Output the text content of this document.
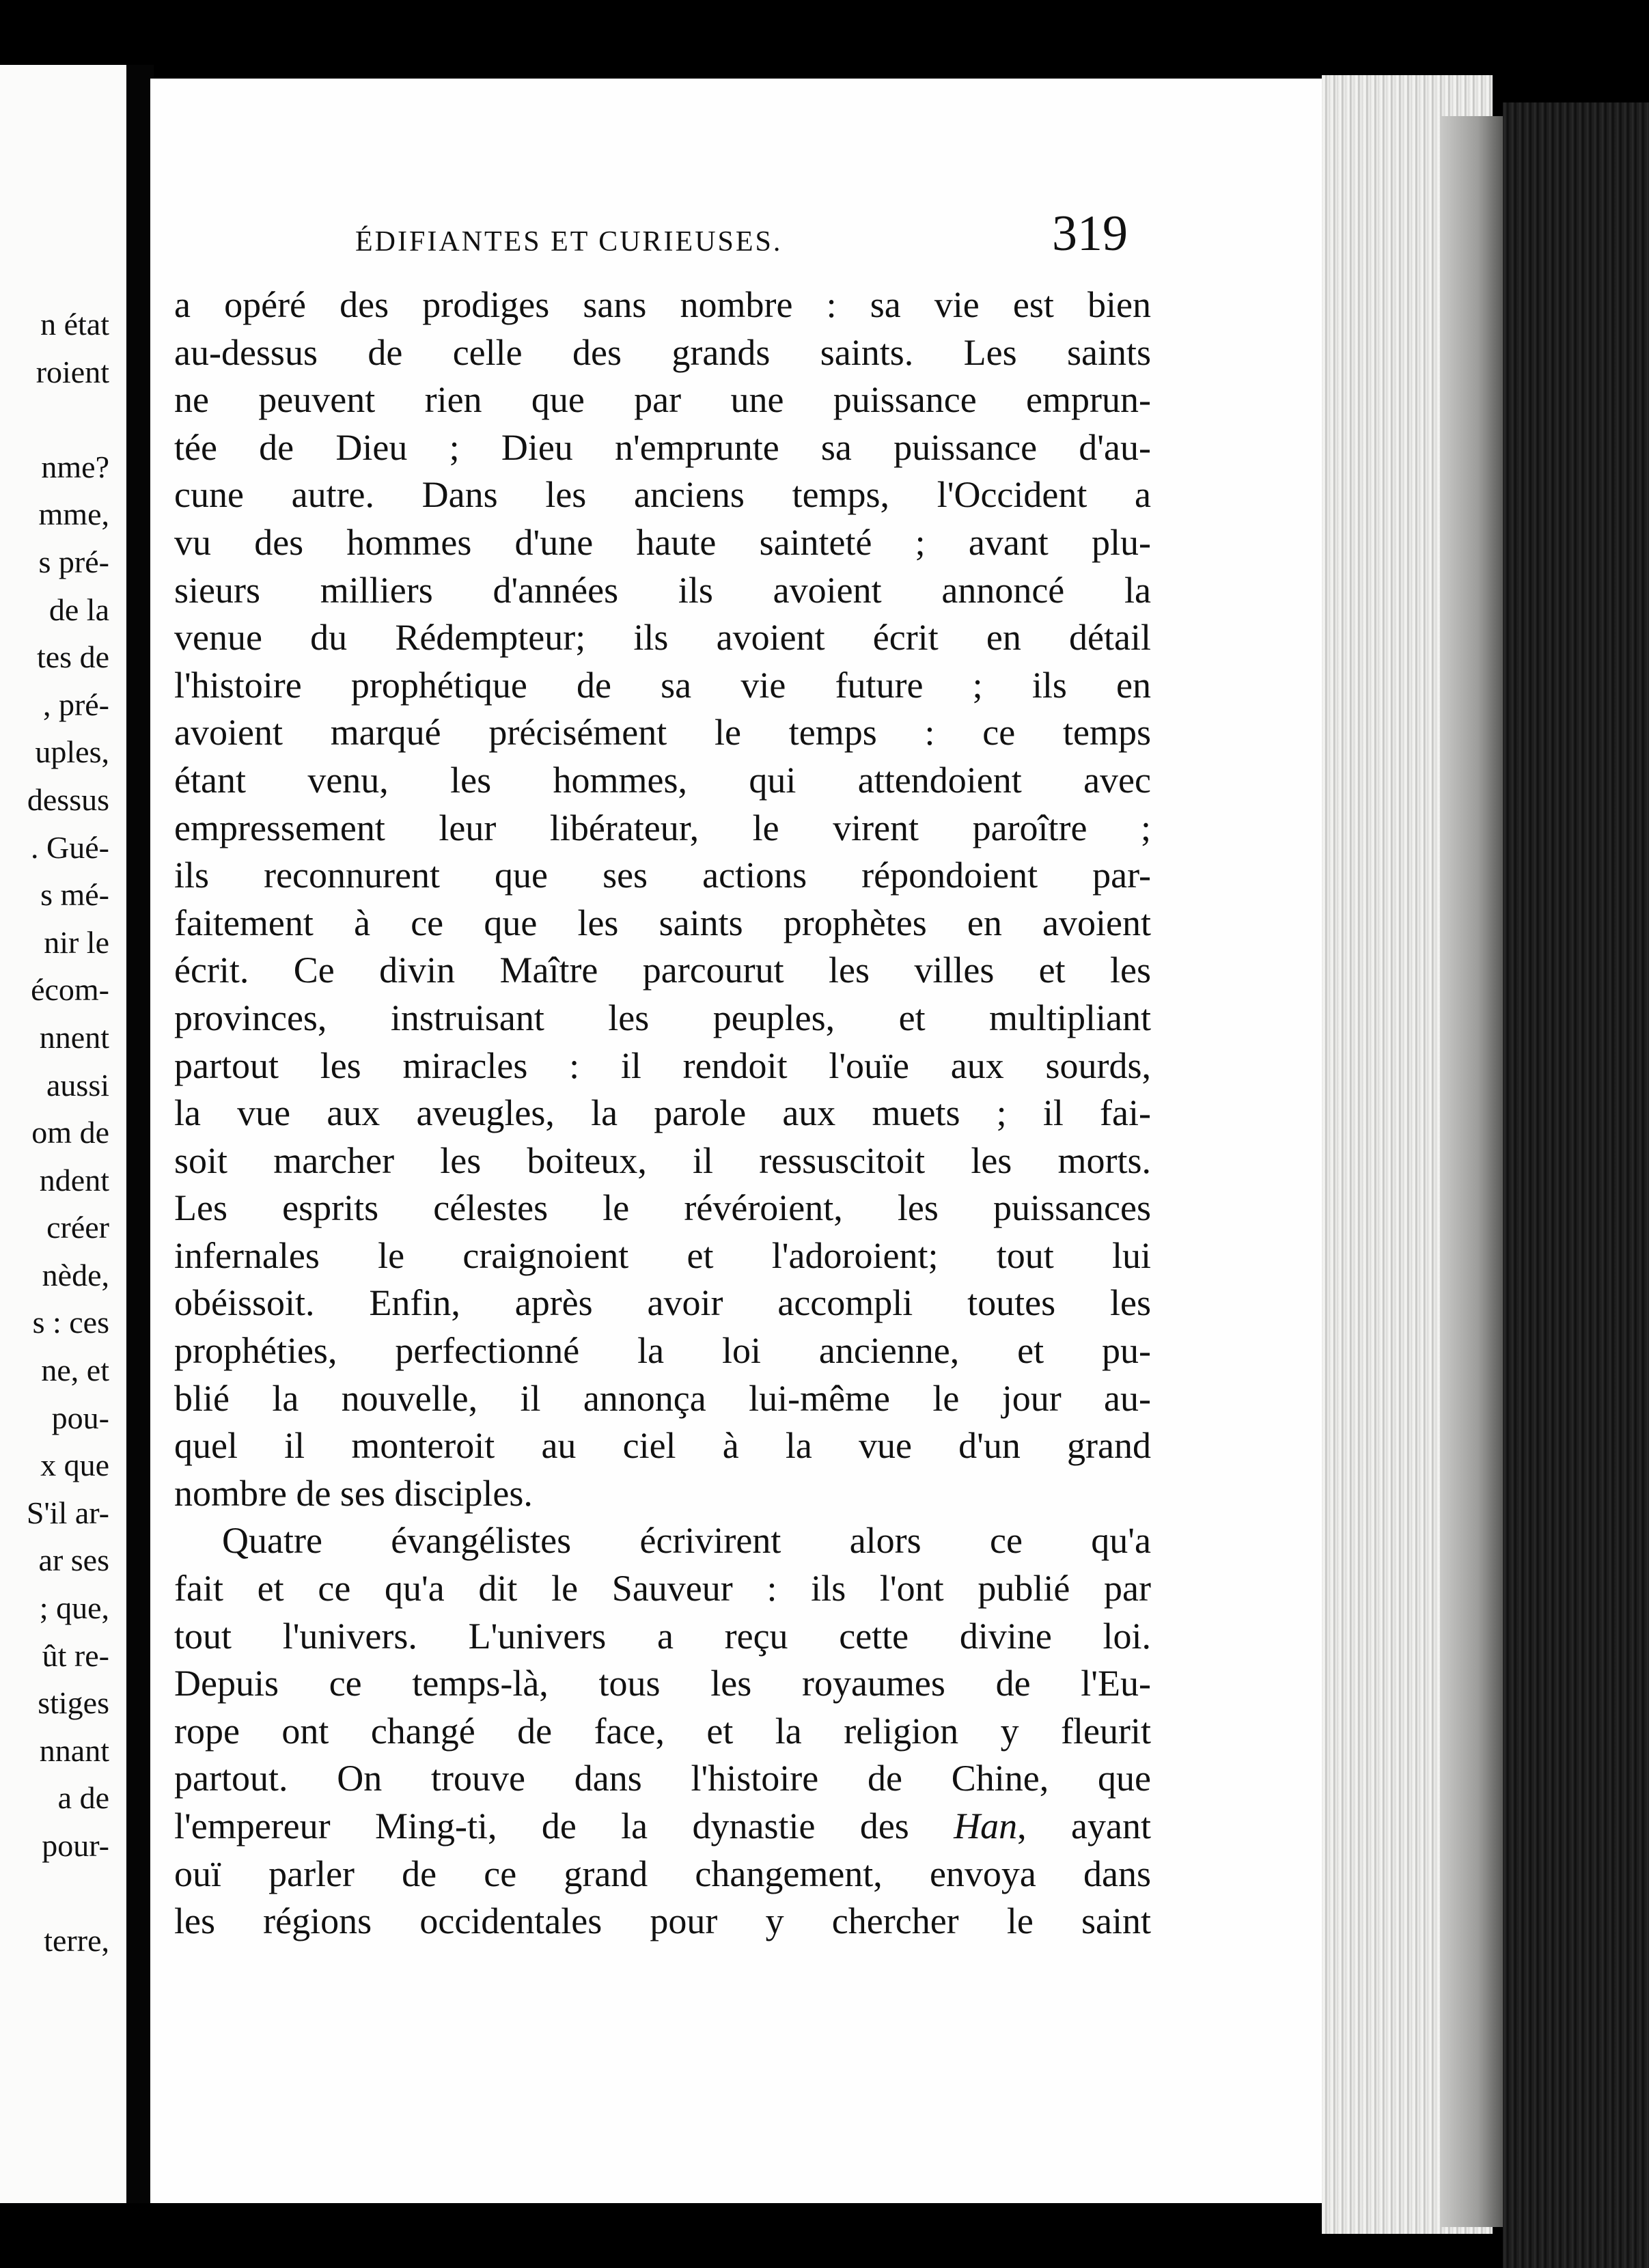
n état
roient
nme?
mme,
s pré-
de la
tes de
, pré-
uples,
dessus
. Gué-
s mé-
nir le
écom-
nnent
aussi
om de
ndent
créer
nède,
s : ces
ne, et
pou-
x que
S'il ar-
ar ses
; que,
ût re-
stiges
nnant
a de
pour-
terre,
ÉDIFIANTES ET CURIEUSES.	319
a opéré des prodiges sans nombre : sa vie est bien
au-dessus de celle des grands saints. Les saints
ne peuvent rien que par une puissance emprun-
tée de Dieu ; Dieu n'emprunte sa puissance d'au-
cune autre. Dans les anciens temps, l'Occident a
vu des hommes d'une haute sainteté ; avant plu-
sieurs milliers d'années ils avoient annoncé la
venue du Rédempteur; ils avoient écrit en détail
l'histoire prophétique de sa vie future ; ils en
avoient marqué précisément le temps : ce temps
étant venu, les hommes, qui attendoient avec
empressement leur libérateur, le virent paroître ;
ils reconnurent que ses actions répondoient par-
faitement à ce que les saints prophètes en avoient
écrit. Ce divin Maître parcourut les villes et les
provinces, instruisant les peuples, et multipliant
partout les miracles : il rendoit l'ouïe aux sourds,
la vue aux aveugles, la parole aux muets ; il fai-
soit marcher les boiteux, il ressuscitoit les morts.
Les esprits célestes le révéroient, les puissances
infernales le craignoient et l'adoroient; tout lui
obéissoit. Enfin, après avoir accompli toutes les
prophéties, perfectionné la loi ancienne, et pu-
blié la nouvelle, il annonça lui-même le jour au-
quel il monteroit au ciel à la vue d'un grand
nombre de ses disciples.
Quatre évangélistes écrivirent alors ce qu'a
fait et ce qu'a dit le Sauveur : ils l'ont publié par
tout l'univers. L'univers a reçu cette divine loi.
Depuis ce temps-là, tous les royaumes de l'Eu-
rope ont changé de face, et la religion y fleurit
partout. On trouve dans l'histoire de Chine, que
l'empereur Ming-ti, de la dynastie des Han, ayant
ouï parler de ce grand changement, envoya dans
les régions occidentales pour y chercher le saint
